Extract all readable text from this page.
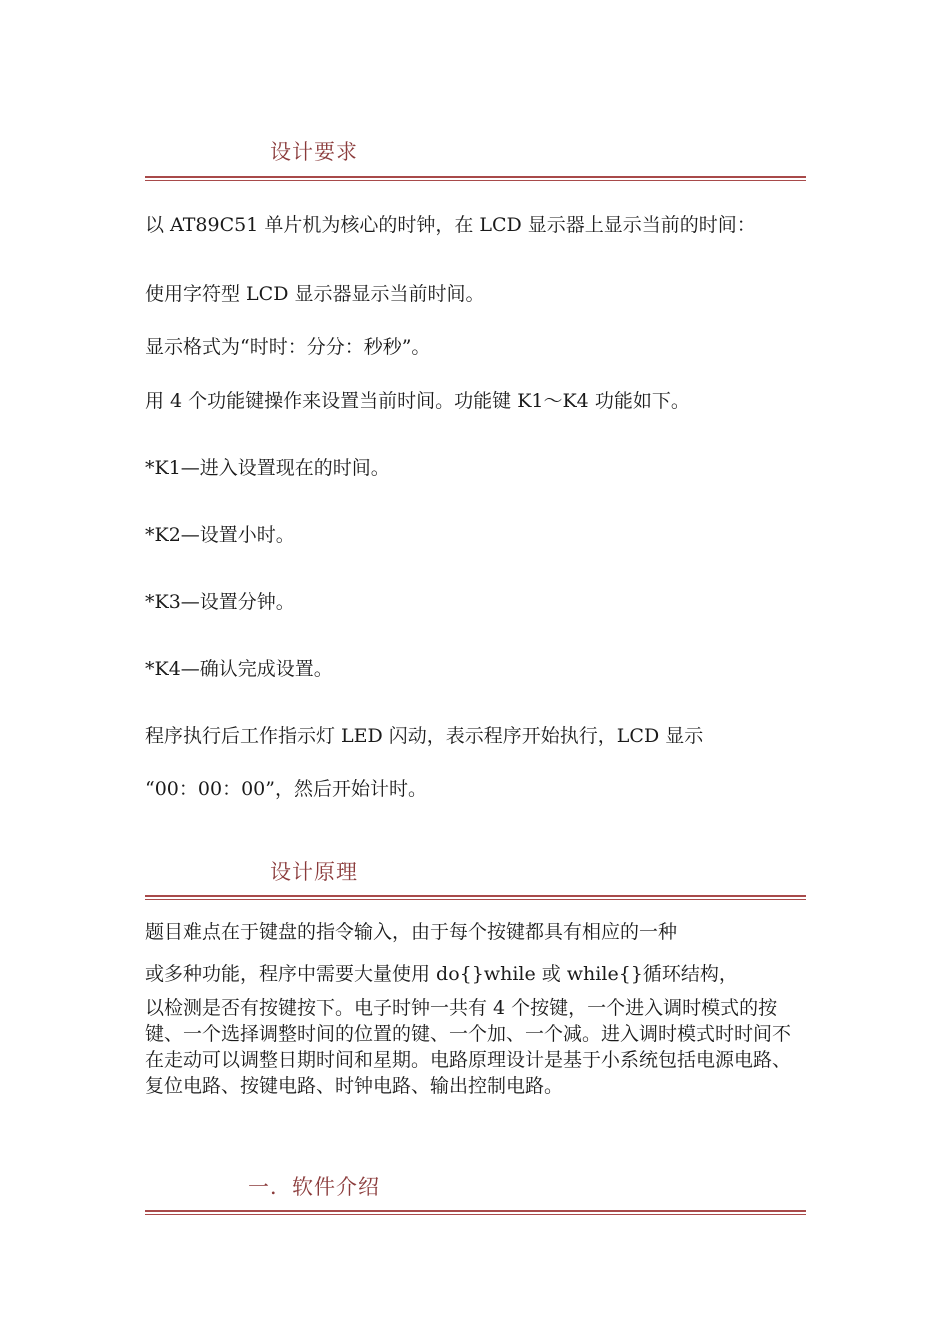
设计要求

以 AT89C51 单片机为核心的时钟，在 LCD 显示器上显示当前的时间：

使用字符型 LCD 显示器显示当前时间。

显示格式为“时时：分分：秒秒”。

用 4 个功能键操作来设置当前时间。功能键 K1～K4 功能如下。

*K1—进入设置现在的时间。

*K2—设置小时。

*K3—设置分钟。

*K4—确认完成设置。

程序执行后工作指示灯 LED 闪动，表示程序开始执行，LCD 显示

“00：00：00”，然后开始计时。

设计原理

题目难点在于键盘的指令输入，由于每个按键都具有相应的一种

或多种功能，程序中需要大量使用 do{}while 或 while{}循环结构，

以检测是否有按键按下。电子时钟一共有 4 个按键，一个进入调时模式的按键、一个选择调整时间的位置的键、一个加、一个减。进入调时模式时时间不在走动可以调整日期时间和星期。电路原理设计是基于小系统包括电源电路、复位电路、按键电路、时钟电路、输出控制电路。

一．软件介绍
